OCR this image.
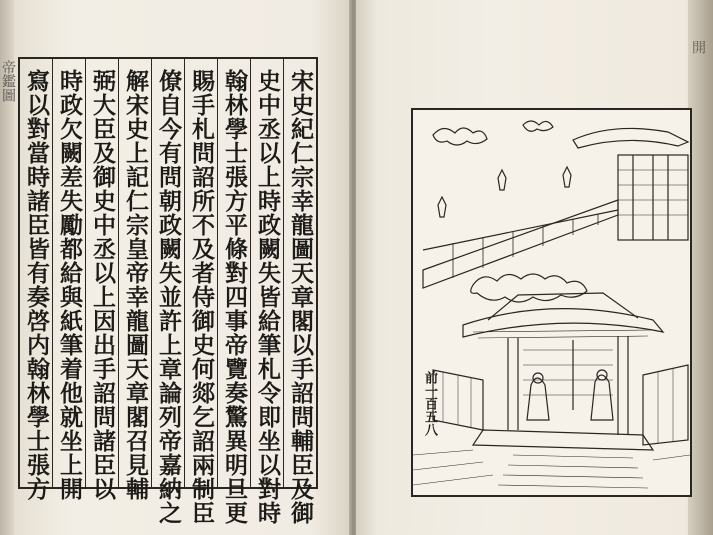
帝鑑圖	宋史紀仁宗幸龍圖天章閣以手詔問輔臣及御
史中丞以上時政闕失皆給筆札令即坐以對時
翰林學士張方平條對四事帝覽奏驚異明旦更
賜手札問詔所不及者侍御史何郯乞詔兩制臣
僚自今有問朝政闕失並許上章論列帝嘉納之
解宋史上記仁宗皇帝幸龍圖天章閣召見輔
弼大臣及御史中丞以上因出手詔問諸臣以
時政欠闕差失勵都給與紙筆着他就坐上開
寫以對當時諸臣皆有奏啓内翰林學士張方
開
前一百五八
